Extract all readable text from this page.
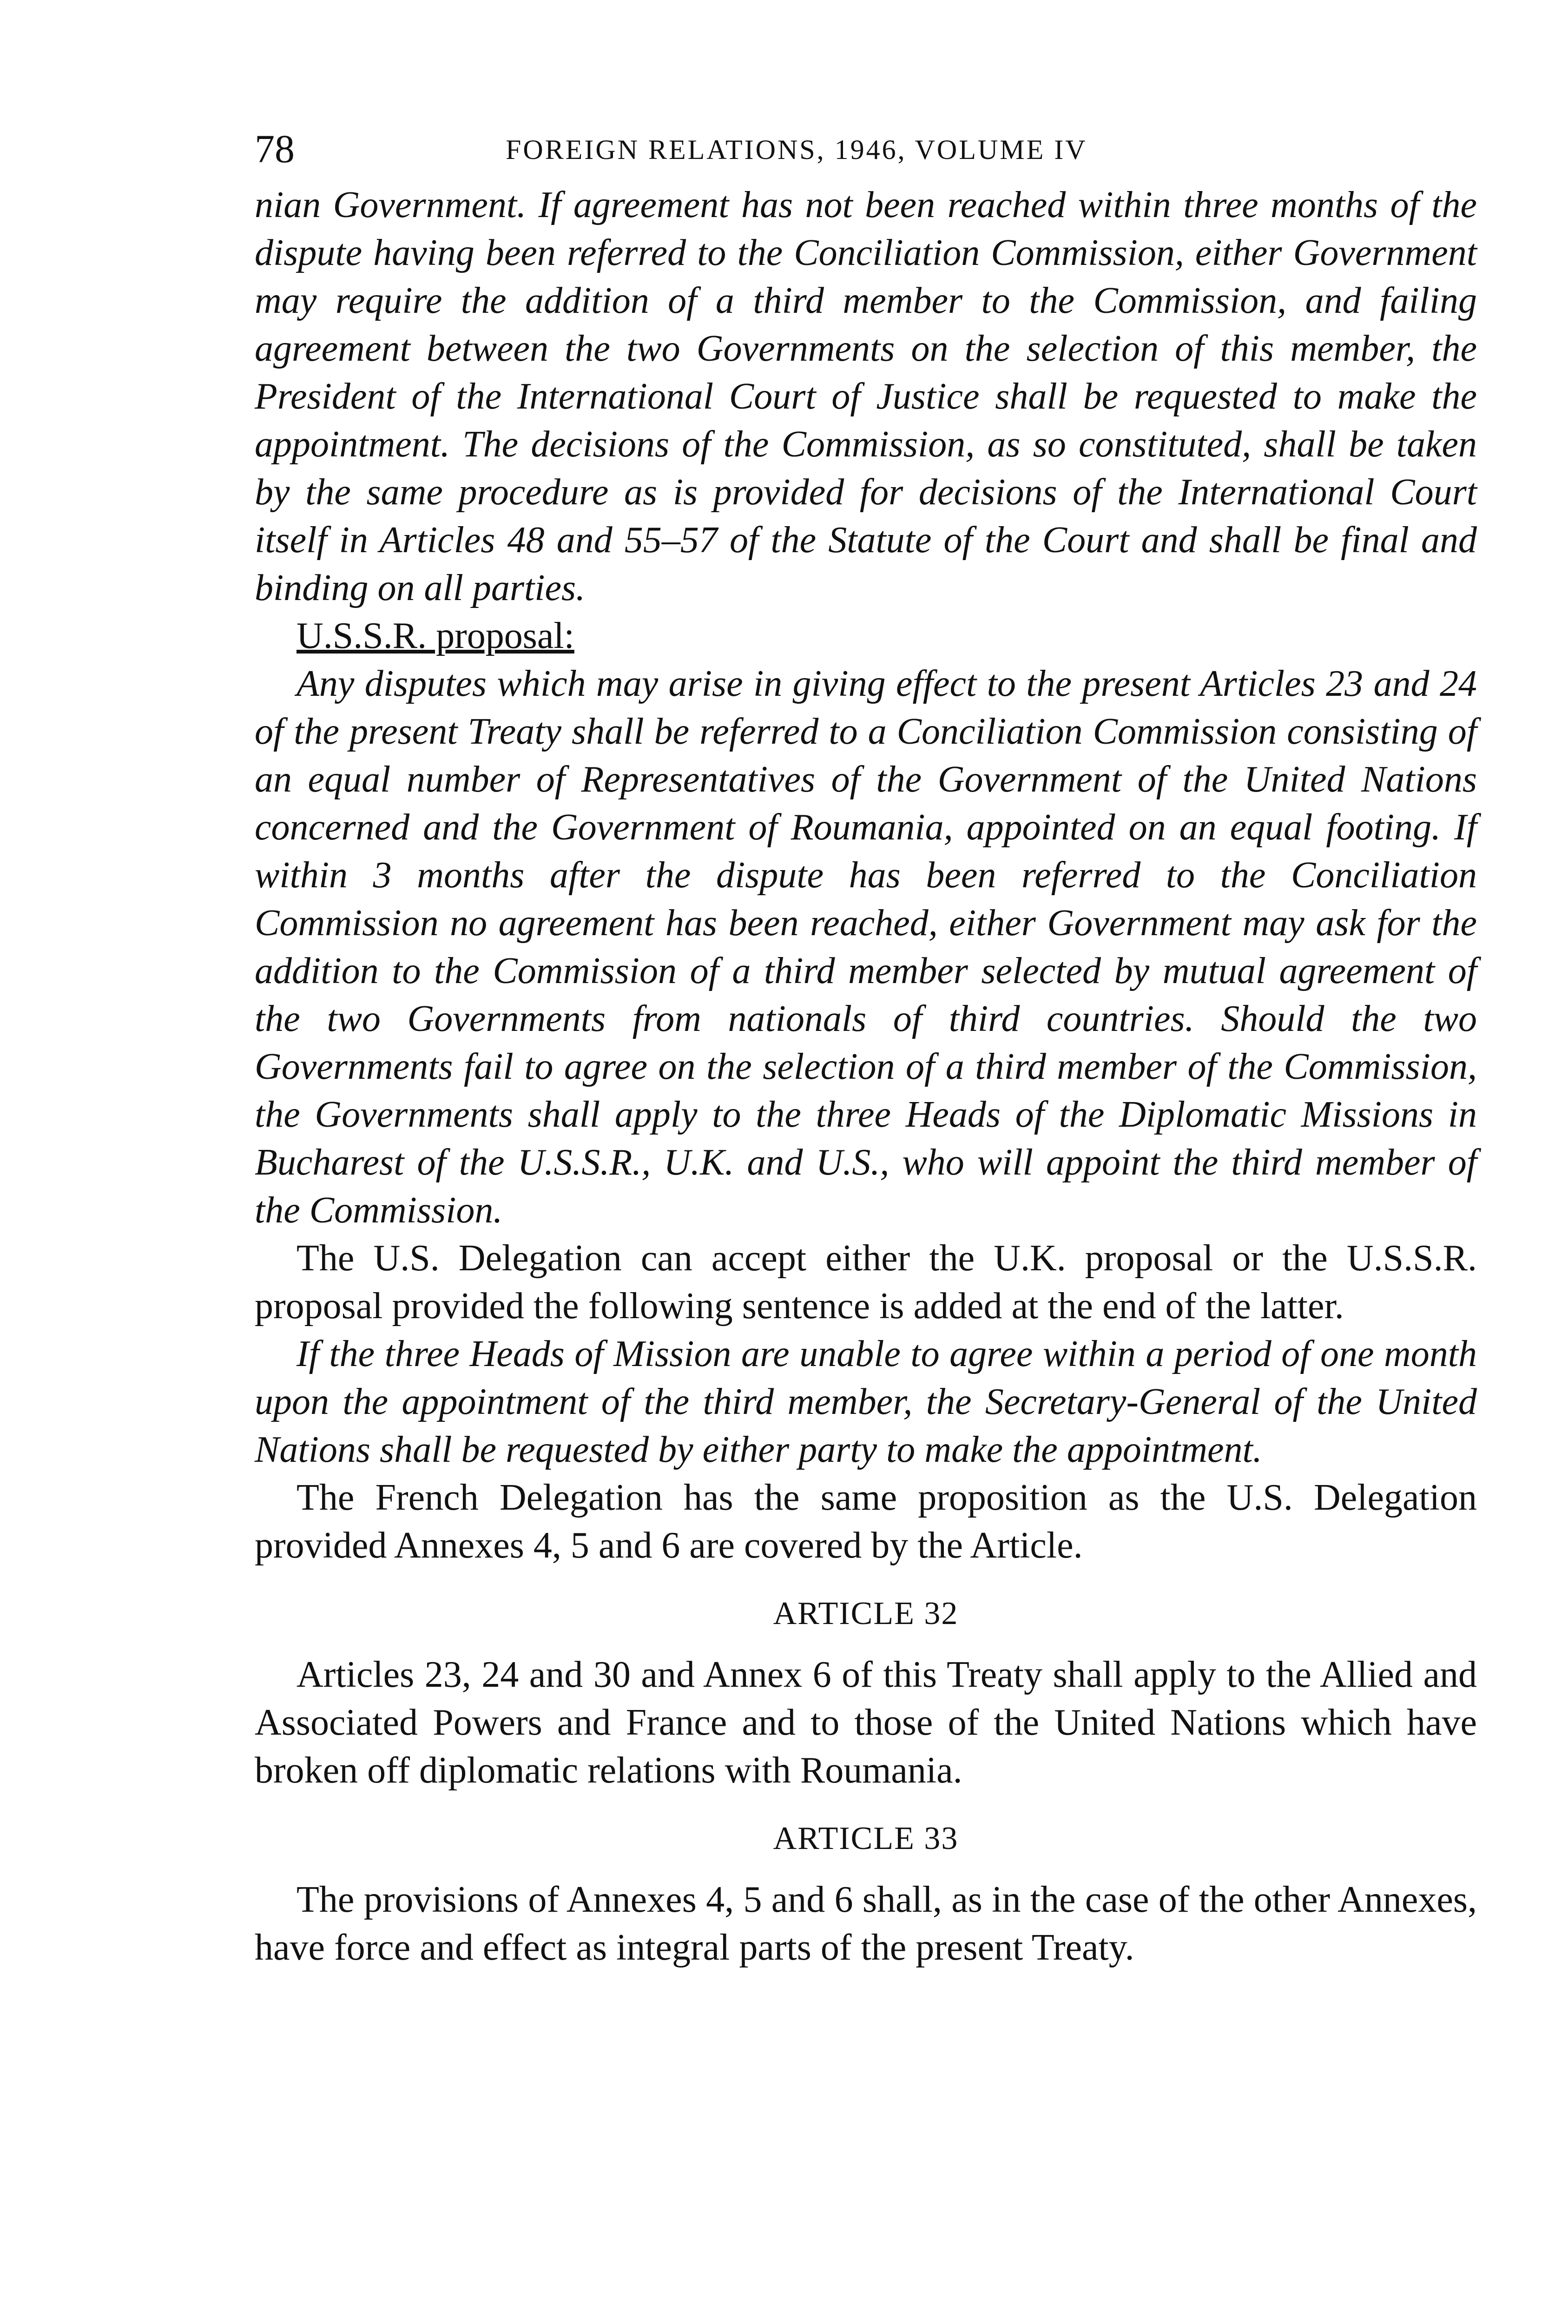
78	FOREIGN RELATIONS, 1946, VOLUME IV

nian Government. If agreement has not been reached within three months of the dispute having been referred to the Conciliation Commission, either Government may require the addition of a third member to the Commission, and failing agreement between the two Governments on the selection of this member, the President of the International Court of Justice shall be requested to make the appointment. The decisions of the Commission, as so constituted, shall be taken by the same procedure as is provided for decisions of the International Court itself in Articles 48 and 55–57 of the Statute of the Court and shall be final and binding on all parties.

U.S.S.R. proposal:

Any disputes which may arise in giving effect to the present Articles 23 and 24 of the present Treaty shall be referred to a Conciliation Commission consisting of an equal number of Representatives of the Government of the United Nations concerned and the Government of Roumania, appointed on an equal footing. If within 3 months after the dispute has been referred to the Conciliation Commission no agreement has been reached, either Government may ask for the addition to the Commission of a third member selected by mutual agreement of the two Governments from nationals of third countries. Should the two Governments fail to agree on the selection of a third member of the Commission, the Governments shall apply to the three Heads of the Diplomatic Missions in Bucharest of the U.S.S.R., U.K. and U.S., who will appoint the third member of the Commission.

The U.S. Delegation can accept either the U.K. proposal or the U.S.S.R. proposal provided the following sentence is added at the end of the latter.

If the three Heads of Mission are unable to agree within a period of one month upon the appointment of the third member, the Secretary-General of the United Nations shall be requested by either party to make the appointment.

The French Delegation has the same proposition as the U.S. Delegation provided Annexes 4, 5 and 6 are covered by the Article.

ARTICLE 32

Articles 23, 24 and 30 and Annex 6 of this Treaty shall apply to the Allied and Associated Powers and France and to those of the United Nations which have broken off diplomatic relations with Roumania.

ARTICLE 33

The provisions of Annexes 4, 5 and 6 shall, as in the case of the other Annexes, have force and effect as integral parts of the present Treaty.
